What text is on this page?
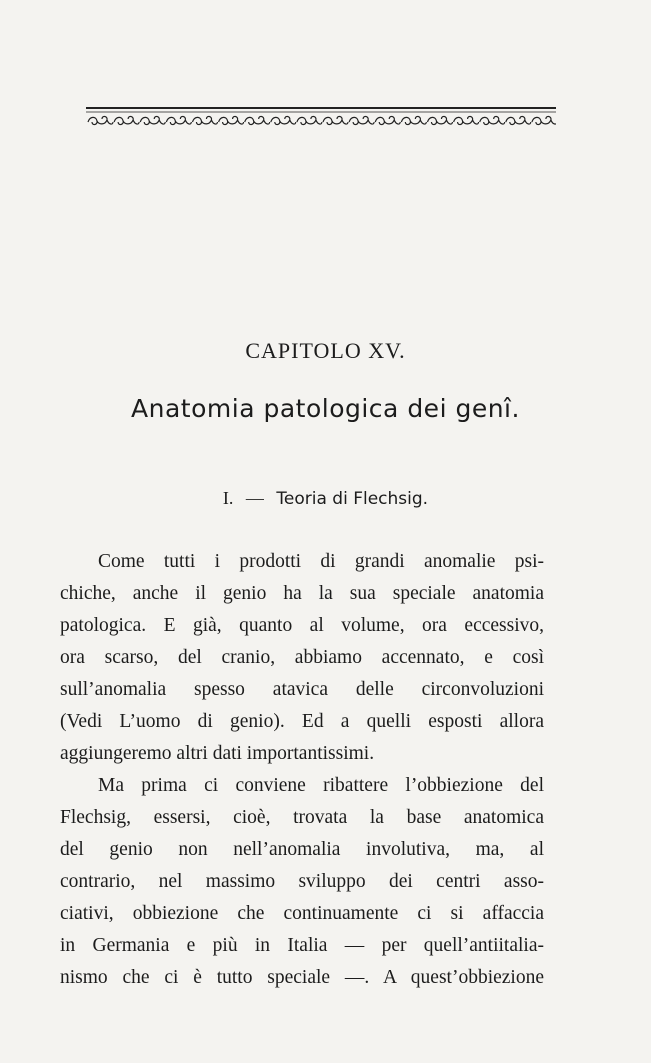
CAPITOLO XV.
Anatomia patologica dei genî.
I. — Teoria di Flechsig.
Come tutti i prodotti di grandi anomalie psi-
chiche, anche il genio ha la sua speciale anatomia
patologica. E già, quanto al volume, ora eccessivo,
ora scarso, del cranio, abbiamo accennato, e così
sull’anomalia spesso atavica delle circonvoluzioni
(Vedi L’uomo di genio). Ed a quelli esposti allora
aggiungeremo altri dati importantissimi.
Ma prima ci conviene ribattere l’obbiezione del
Flechsig, essersi, cioè, trovata la base anatomica
del genio non nell’anomalia involutiva, ma, al
contrario, nel massimo sviluppo dei centri asso-
ciativi, obbiezione che continuamente ci si affaccia
in Germania e più in Italia — per quell’antiitalia-
nismo che ci è tutto speciale —. A quest’obbiezione
